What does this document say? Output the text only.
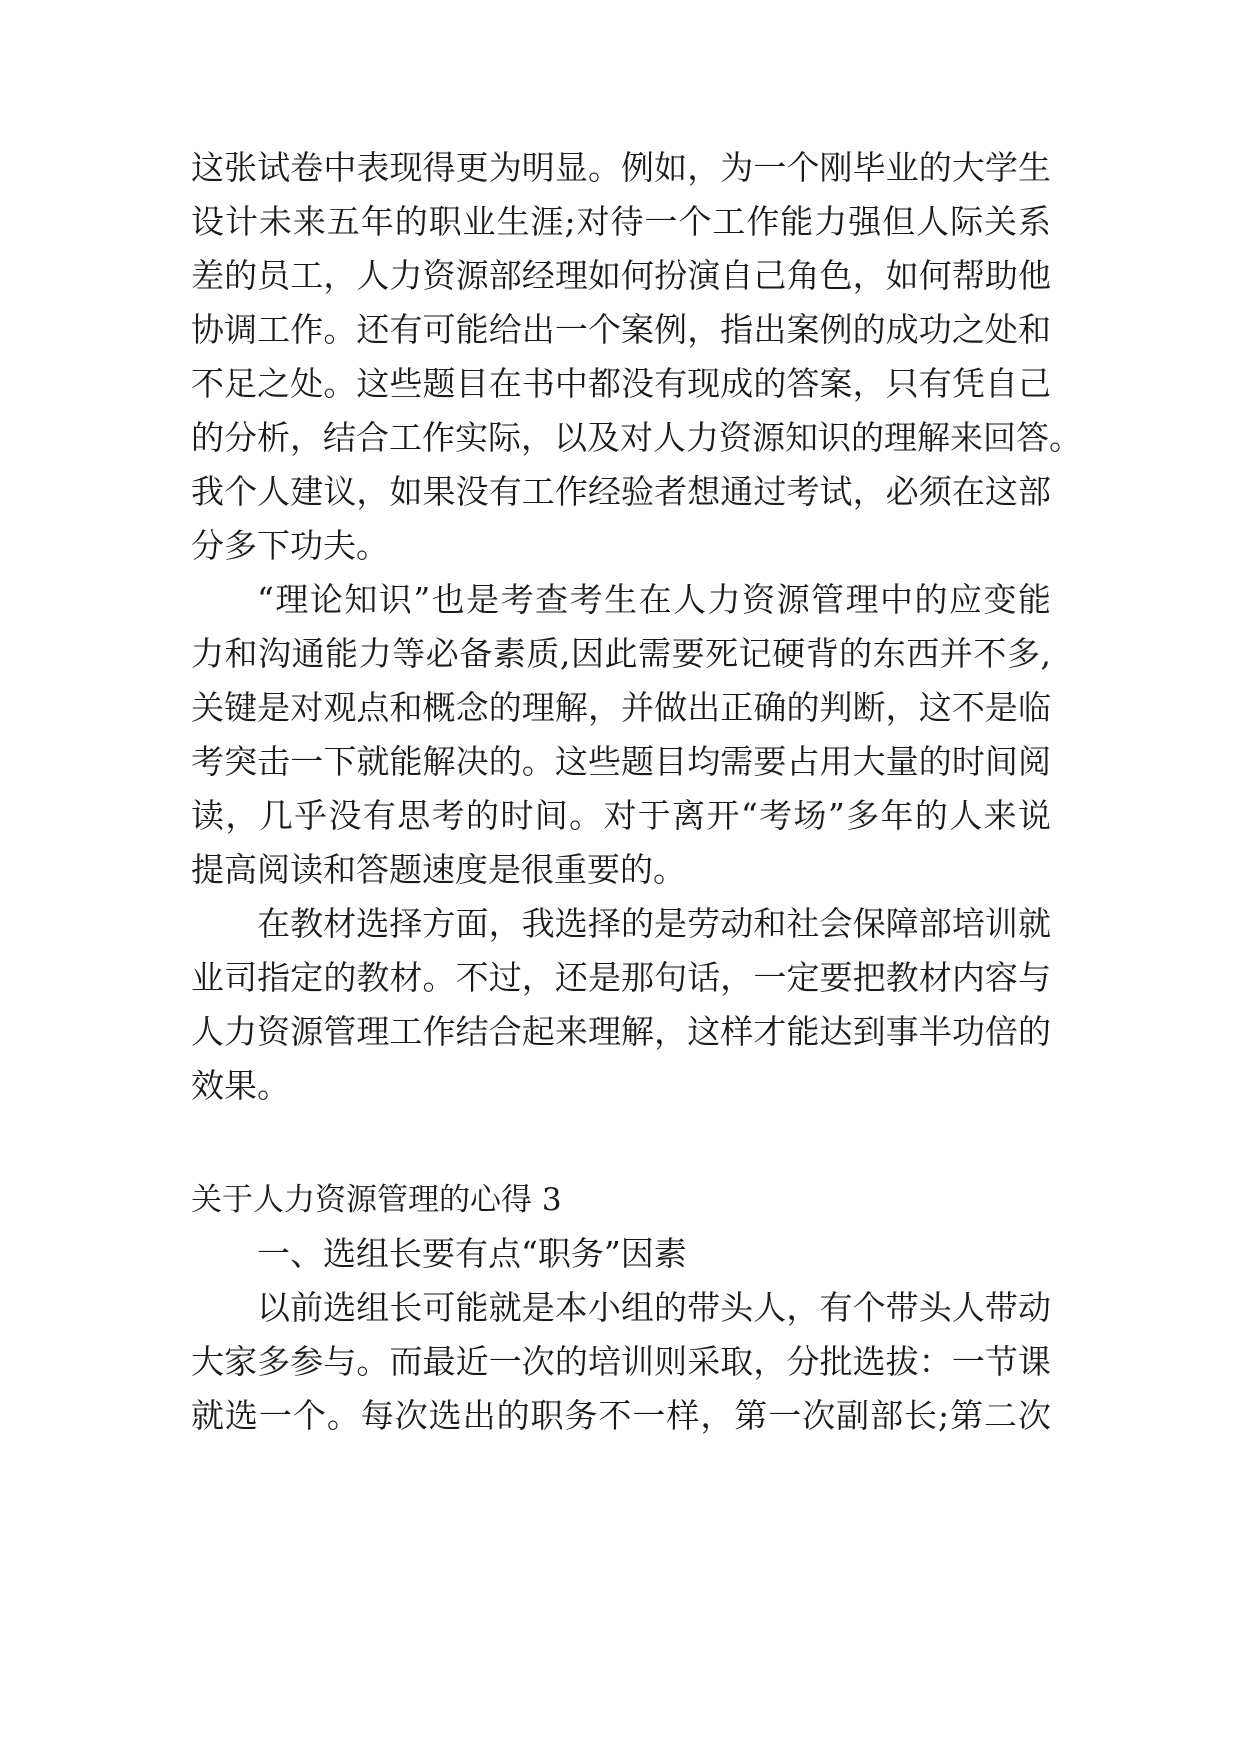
这张试卷中表现得更为明显。例如，为一个刚毕业的大学生
设计未来五年的职业生涯;对待一个工作能力强但人际关系
差的员工，人力资源部经理如何扮演自己角色，如何帮助他
协调工作。还有可能给出一个案例，指出案例的成功之处和
不足之处。这些题目在书中都没有现成的答案，只有凭自己
的分析，结合工作实际，以及对人力资源知识的理解来回答。
我个人建议，如果没有工作经验者想通过考试，必须在这部
分多下功夫。
“理论知识”也是考查考生在人力资源管理中的应变能
力和沟通能力等必备素质,因此需要死记硬背的东西并不多,
关键是对观点和概念的理解，并做出正确的判断，这不是临
考突击一下就能解决的。这些题目均需要占用大量的时间阅
读，几乎没有思考的时间。对于离开“考场”多年的人来说
提高阅读和答题速度是很重要的。
在教材选择方面，我选择的是劳动和社会保障部培训就
业司指定的教材。不过，还是那句话，一定要把教材内容与
人力资源管理工作结合起来理解，这样才能达到事半功倍的
效果。
关于人力资源管理的心得 3
一、选组长要有点“职务”因素
以前选组长可能就是本小组的带头人，有个带头人带动
大家多参与。而最近一次的培训则采取，分批选拔：一节课
就选一个。每次选出的职务不一样，第一次副部长;第二次
